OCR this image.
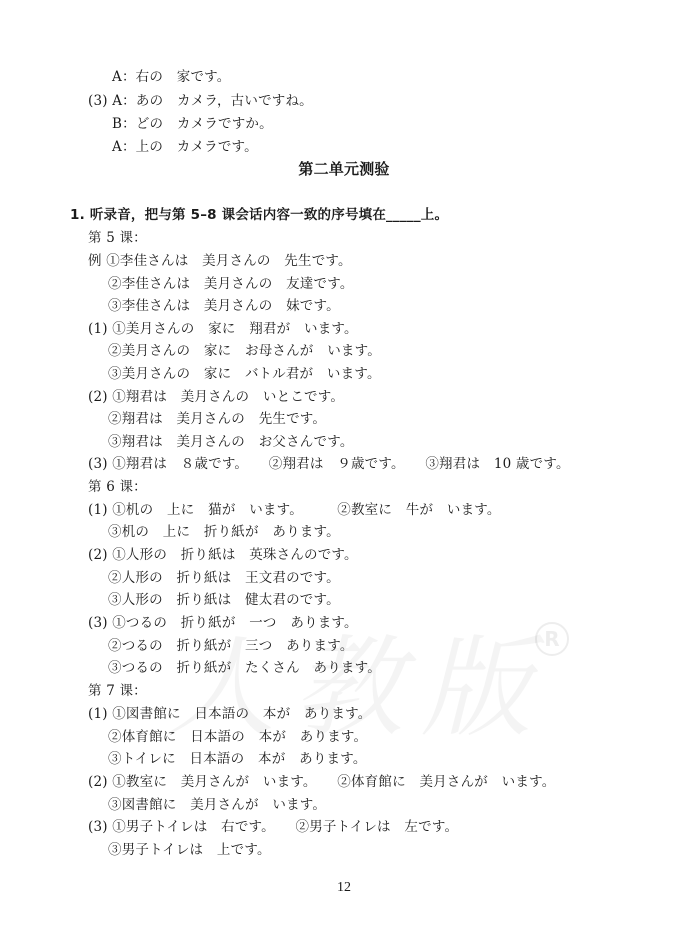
R
A：右の　家です。
(3) A：あの　カメラ，古いですね。
B：どの　カメラですか。
A：上の　カメラです。
第二单元测验
1. 听录音，把与第 5–8 课会话内容一致的序号填在_____上。
第 5 课：
例 ①李佳さんは　美月さんの　先生です。
②李佳さんは　美月さんの　友達です。
③李佳さんは　美月さんの　妹です。
(1) ①美月さんの　家に　翔君が　います。
②美月さんの　家に　お母さんが　います。
③美月さんの　家に　バトル君が　います。
(2) ①翔君は　美月さんの　いとこです。
②翔君は　美月さんの　先生です。
③翔君は　美月さんの　お父さんです。
(3) ①翔君は　８歳です。　　②翔君は　９歳です。　　③翔君は　10 歳です。
第 6 课：
(1) ①机の　上に　猫が　います。　　　②教室に　牛が　います。
③机の　上に　折り紙が　あります。
(2) ①人形の　折り紙は　英珠さんのです。
②人形の　折り紙は　王文君のです。
③人形の　折り紙は　健太君のです。
(3) ①つるの　折り紙が　一つ　あります。
②つるの　折り紙が　三つ　あります。
③つるの　折り紙が　たくさん　あります。
第 7 课：
(1) ①図書館に　日本語の　本が　あります。
②体育館に　日本語の　本が　あります。
③トイレに　日本語の　本が　あります。
(2) ①教室に　美月さんが　います。　　②体育館に　美月さんが　います。
③図書館に　美月さんが　います。
(3) ①男子トイレは　右です。　　②男子トイレは　左です。
③男子トイレは　上です。
12
